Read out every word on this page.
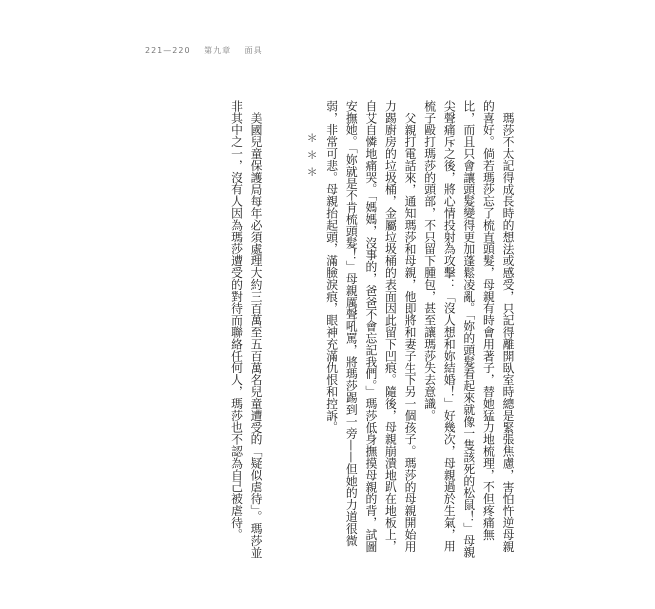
221—220 第九章 面具

瑪莎不太記得成長時的想法或感受，只記得離開臥室時總是緊張焦慮，害怕忤逆母親的喜好。倘若瑪莎忘了梳直頭髮，母親有時會用著子，替她猛力地梳理，不但疼痛無比，而且只會讓頭髮變得更加蓬鬆凌亂。「妳的頭髮看起來就像一隻該死的松鼠！」母親尖聲痛斥之後，將心情投射為攻擊：「沒人想和妳結婚！」好幾次，母親過於生氣，用梳子毆打瑪莎的頭部，不只留下腫包，甚至讓瑪莎失去意識。

父親打電話來，通知瑪莎和母親，他即將和妻子生下另一個孩子。瑪莎的母親開始用力踢廚房的垃圾桶，金屬垃圾桶的表面因此留下凹痕。隨後，母親崩潰地趴在地板上，自艾自憐地痛哭。「媽媽，沒事的，爸爸不會忘記我們。」瑪莎低身撫摸母親的背，試圖安撫她。「妳就是不肯梳頭髮！」母親厲聲吼罵，將瑪莎踢到一旁——但她的力道很微弱，非常可悲。母親抬起頭，滿臉淚痕，眼神充滿仇恨和控訴。

＊＊＊

美國兒童保護局每年必須處理大約三百萬至五百萬名兒童遭受的「疑似虐待」。瑪莎並非其中之一，沒有人因為瑪莎遭受的對待而聯絡任何人，瑪莎也不認為自己被虐待。
